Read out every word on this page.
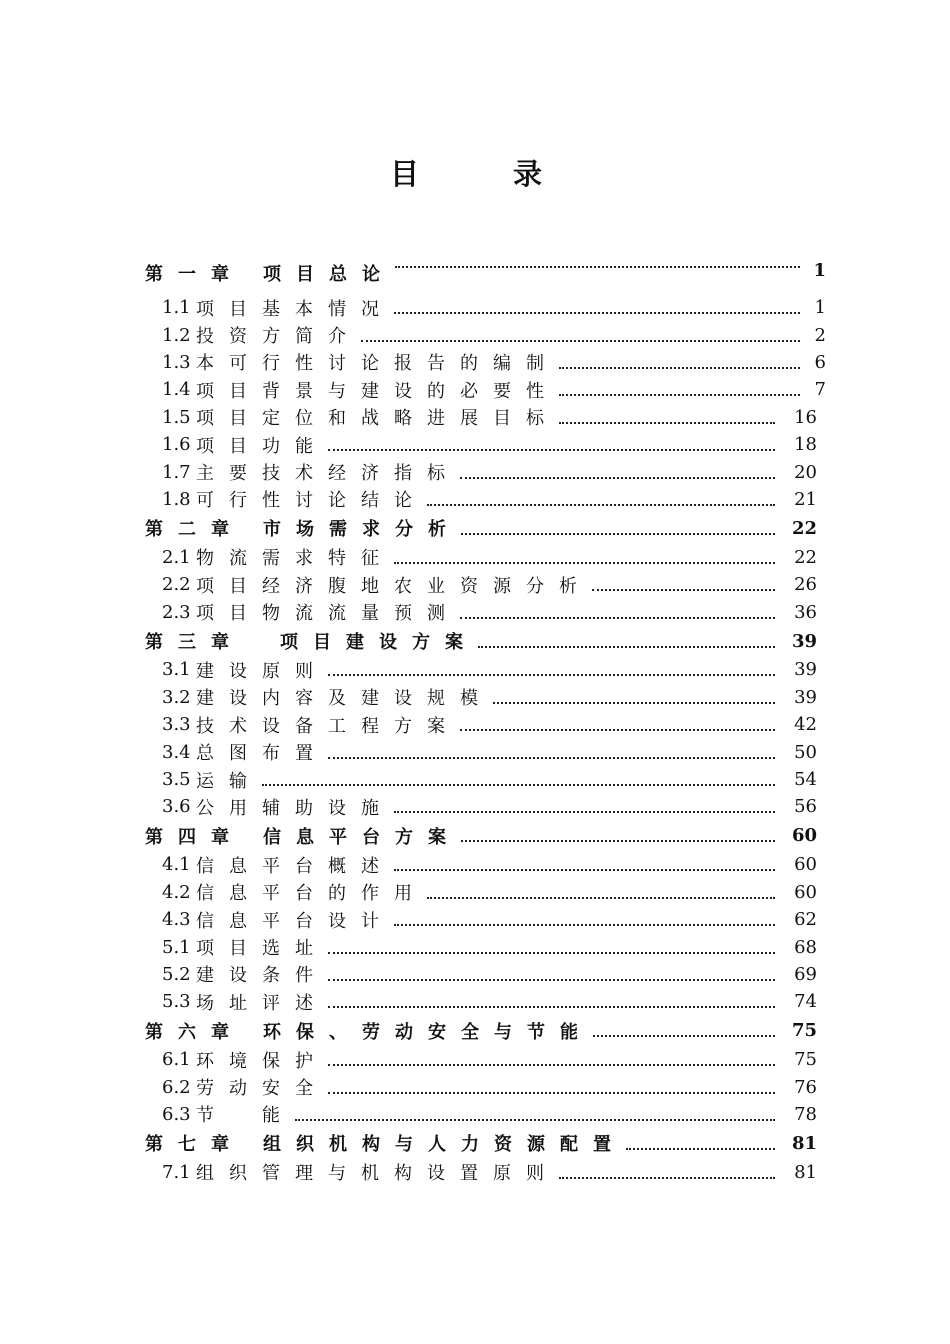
目 录
第一章	项目总论	1
1.1 项目基本情况	1
1.2 投资方简介	2
1.3 本可行性讨论报告的编制	6
1.4 项目背景与建设的必要性	7
1.5 项目定位和战略进展目标	16
1.6 项目功能	18
1.7 主要技术经济指标	20
1.8 可行性讨论结论	21
第二章	市场需求分析	22
2.1 物流需求特征	22
2.2 项目经济腹地农业资源分析	26
2.3 项目物流流量预测	36
第三章	项目建设方案	39
3.1 建设原则	39
3.2 建设内容及建设规模	39
3.3 技术设备工程方案	42
3.4 总图布置	50
3.5 运输	54
3.6 公用辅助设施	56
第四章	信息平台方案	60
4.1 信息平台概述	60
4.2 信息平台的作用	60
4.3 信息平台设计	62
5.1 项目选址	68
5.2 建设条件	69
5.3 场址评述	74
第六章	环保、劳动安全与节能	75
6.1 环境保护	75
6.2 劳动安全	76
6.3 节　能	78
第七章	组织机构与人力资源配置	81
7.1 组织管理与机构设置原则	81
